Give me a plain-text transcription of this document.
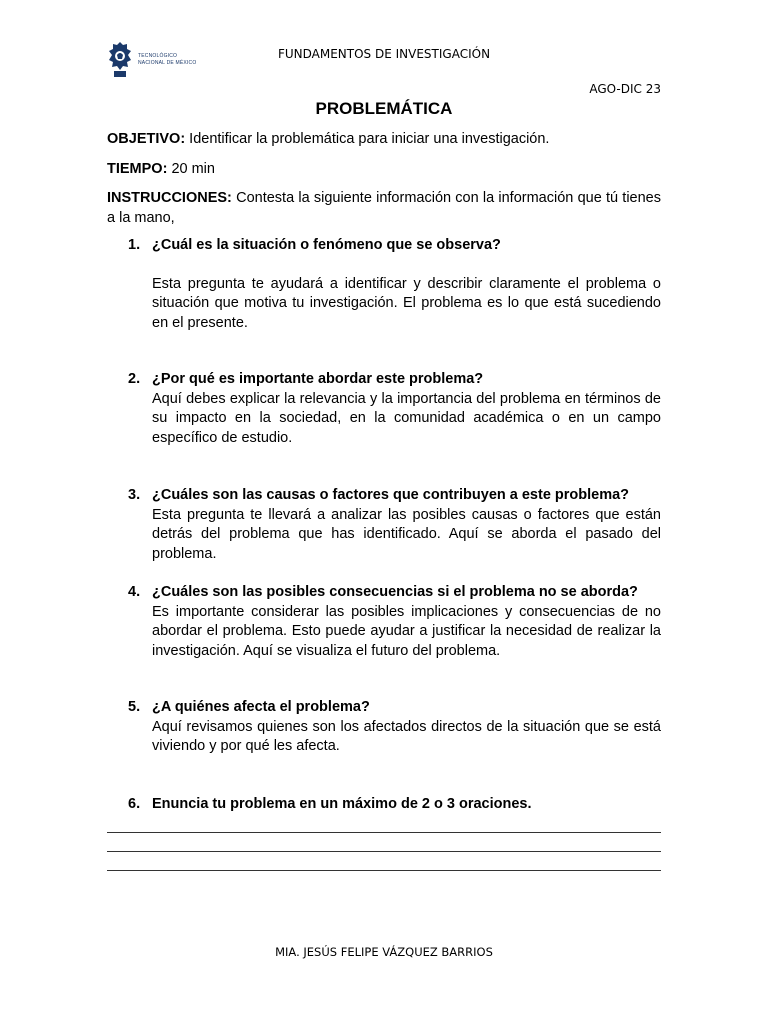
TECNOLÓGICO
NACIONAL DE MÉXICO
FUNDAMENTOS DE INVESTIGACIÓN
AGO-DIC 23
PROBLEMÁTICA

OBJETIVO: Identificar la problemática para iniciar una investigación.

TIEMPO: 20 min

INSTRUCCIONES: Contesta la siguiente información con la información que tú tienes a la mano,

1. ¿Cuál es la situación o fenómeno que se observa?
Esta pregunta te ayudará a identificar y describir claramente el problema o situación que motiva tu investigación. El problema es lo que está sucediendo en el presente.
2. ¿Por qué es importante abordar este problema?
Aquí debes explicar la relevancia y la importancia del problema en términos de su impacto en la sociedad, en la comunidad académica o en un campo específico de estudio.
3. ¿Cuáles son las causas o factores que contribuyen a este problema?
Esta pregunta te llevará a analizar las posibles causas o factores que están detrás del problema que has identificado. Aquí se aborda el pasado del problema.
4. ¿Cuáles son las posibles consecuencias si el problema no se aborda?
Es importante considerar las posibles implicaciones y consecuencias de no abordar el problema. Esto puede ayudar a justificar la necesidad de realizar la investigación. Aquí se visualiza el futuro del problema.
5. ¿A quiénes afecta el problema?
Aquí revisamos quienes son los afectados directos de la situación que se está viviendo y por qué les afecta.
6. Enuncia tu problema en un máximo de 2 o 3 oraciones.
MIA. JESÚS FELIPE VÁZQUEZ BARRIOS
